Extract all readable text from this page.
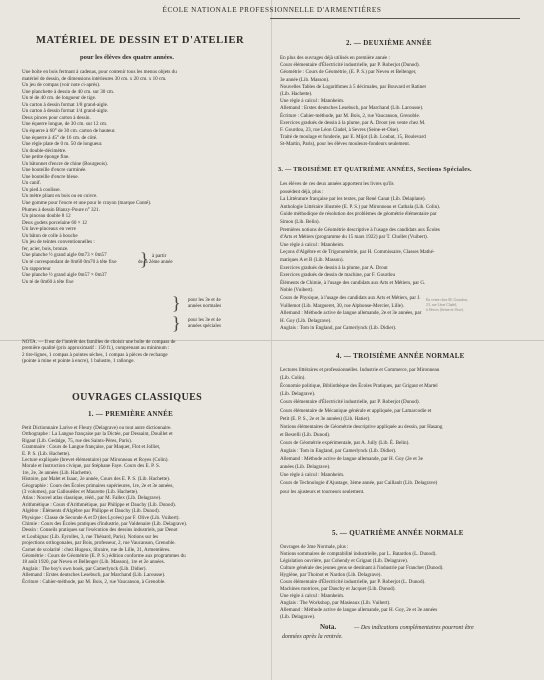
ÉCOLE NATIONALE PROFESSIONNELLE D'ARMENTIÈRES
MATÉRIEL DE DESSIN ET D'ATELIER
pour les élèves des quatre années.
Une boîte en bois fermant à cadenas, pour contenir tous les menus objets du
matériel de dessin, de dimensions intérieures 30 cm. x 20 cm. x 10 cm.
Un jeu de compas (voir note ci-après).
Une planchette à dessin de 40 cm. sur 30 cm.
Un té de 40 cm. de longueur de tige.
Un carton à dessin format 1/8 grand-aigle.
Un carton à dessin format 1/4 grand-aigle.
Deux pinces pour carton à dessin.
Une équerre longue, de 30 cm. sur 12 cm.
Un équerre à 60° de 30 cm. carton de hauteur.
Une équerre à 45° de 16 cm. de côté.
Une règle plate de 0 m. 50 de longueur.
Un double-décimètre.
Une petite éponge fine.
Un bâtonnet d'encre de chine (Bourgeois).
Une bouteille d'encre carminée.
Une bouteille d'encre bleue.
Un canif.
Un pied à coulisse.
Un mètre pliant en bois ou en cuivre.
Une gomme pour l'encre et une pour le crayon (marque Conté).
Plumes à dessin Blanzy-Poure n° 321.
Un pinceau double 8 12
Deux godets porcelaine 60 × 12
Un lave-pinceaux en verre
Un bâton de colle à bouche
Un jeu de teintes conventionnelles :
fer, acier, bois, bronze.
Une planche ½ grand aigle 0m73 × 0m57
Un té correspondant de 0m60 0m70 à tête fixe
Un rapporteur
Une planche ½ grand aigle 0m57 × 0m37
Un té de 0m60 à tête fixe
} à partir
de la 2ème année
} pour les 3e et 4e
années normales
} pour les 3e et 4e
années spéciales
NOTA. — Il est de l'intérêt des familles de choisir une boîte de compass de
première qualité (prix approximatif : 150 fr.), comprenant au minimum :
2 tire-lignes, 1 compas à pointes sèches, 1 compas à pièces de rechange
(pointe à mine et pointe à encre), 1 balustre, 1 rallonge.
OUVRAGES CLASSIQUES
1. — PREMIÈRE ANNÉE
Petit Dictionnaire Larive et Fleury (Delagrave) ou tout autre dictionnaire.
Orthographe : La Langue française par la Dictée, par Dessaint, Douillet et
Rigaut (Lib. Gedalge, 75, rue des Saints-Pères, Paris).
Grammaire : Cours de Langue française, par Maquet, Flot et Jolliet,
E. P. S. (Lib. Hachette).
Lecture expliquée (brevet élémentaire) par Mironneau et Royes (Colin).
Morale et Instruction civique, par Stéphane Faye. Cours des E. P. S.
1re, 2e, 3e années (Lib. Hachette).
Histoire, par Malet et Isaac, 2e année, Cours des E. P. S. (Lib. Hachette).
Géographie : Cours des Écoles primaires supérieures, 1re, 2e et 3e années,
(3 volumes), par Gallouédec et Maurette (Lib. Hachette).
Atlas : Nouvel atlas classique, rééd., par M. Fallex (Lib. Delagrave).
Arithmétique : Cours d'Arithmétique, par Philippe et Dauchy (Lib. Dunod).
Algèbre : Éléments d'Algèbre par Philippe et Dauchy (Lib. Dunod).
Physique : Classe de Seconde A et D (des Lycées) par F. Olive (Lib. Vuibert).
Chimie : Cours des Écoles pratiques d'industrie, par Valdenaire (Lib. Delagrave).
Dessin : Conseils pratiques sur l'exécution des dessins industriels, par Denot
et Loubignac (Lib. Eyrolles, 3, rue Thénard, Paris). Notions sur les
projections orthogonales, par Bois, professeur, 2, rue Vaucanson, Grenoble.
Carnet de scolarité : chez Hugeux, libraire, rue de Lille, 31, Armentières.
Géométrie : Cours de Géométrie (E. P. S.) édition conforme aux programmes du
18 août 1920, par Neveu et Bellenger (Lib. Masson), 1re et 2e années.
Anglais : The boy's own book, par Camerlynck (Lib. Didier).
Allemand : Erstes deutsches Lesebuch, par Marchand (Lib. Larousse).
Écriture : Cahier-méthode, par M. Bois, 2, rue Vaucanson, à Grenoble.
2. — DEUXIÈME ANNÉE
En plus des ouvrages déjà utilisés en première année :
Cours élémentaire d'Électricité industrielle, par P. Roberjot (Dunod).
Géométrie : Cours de Géométrie, (E. P. S.) par Neveu et Bellenger,
3e année (Lib. Masson).
Nouvelles Tables de Logarithmes à 5 décimales, par Bouvard et Ratinet
(Lib. Hachette).
Une règle à calcul : Mannheim.
Allemand : Erstes deutsches Lesebuch, par Marchand (Lib. Larousse).
Écriture : Cahier-méthode, par M. Bois, 2, rue Vaucanson, Grenoble.
Exercices gradués de dessin à la plume, par A. Droot (en vente chez M.
F. Gourdou, 23, rue Léon Cladel, à Sevres (Seine-et-Oise).
Traité de moulage et fonderie, par E. Mijot (Lib. Loubat, 15, Boulevard
St-Martin, Paris), pour les élèves mouleurs-fondeurs seulement.
3. — TROISIÈME ET QUATRIÈME ANNÉES, Sections Spéciales.
Les élèves de ces deux années apportent les livres qu'ils
possèdent déjà, plus :
La Littérature française par les textes, par René Canat (Lib. Delaplane).
Anthologie Littéraire illustrée (E. P. S.) par Mironneau et Cathala (Lib. Colin).
Guide méthodique de résolution des problèmes de géométrie élémentaire par
Simon (Lib. Belin).
Premières notions de Géométrie descriptive à l'usage des candidats aux Écoles
d'Arts et Métiers (programme du 15 mars 1922) par T. Chollet (Vuibert).
Une règle à calcul : Mannheim.
Leçons d'Algèbre et de Trigonométrie, par H. Commissaire, Classes Mathé-
matiques A et B (Lib. Masson).
Exercices gradués de dessin à la plume, par A. Drout
Exercices gradués de dessin de machine, par F. Gourdou
Éléments de Chimie, à l'usage des candidats aux Arts et Métiers, par G.
Noble (Vuibert).
Cours de Physique, à l'usage des candidats aux Arts et Métiers, par J.
Vuillemot (Lib. Margueret, 30, rue Alphonse-Mercier, Lille).
Allemand : Méthode active de langue allemande, 2e et 3e années, par
H. Goy (Lib. Delagrave).
Anglais : Tom in England, par Camerlynck (Lib. Didier).
En vente chez M. Gourdou,
23, rue Léon Cladel,
à Sèvres (Seine-et-Oise).
4. — TROISIÈME ANNÉE NORMALE
Lectures littéraires et professionnelles. Industrie et Commerce, par Mironneau
(Lib. Colin).
Économie politique, Bibliothèque des Écoles Pratiques, par Grigaut et Martel
(Lib. Delagrave).
Cours élémentaire d'Électricité industrielle, par P. Roberjot (Dunod).
Cours élémentaire de Mécanique générale et appliquée, par Lamarcodie et
Petit (E. P. S., 2e et 3e années) (Lib. Hatier).
Notions élémentaires de Géométrie descriptive appliquée au dessin, par Hasang
et Besrelli (Lib. Dunod).
Cours de Géométrie expérimentale, par A. Jully (Lib. É. Belin).
Anglais : Tom in England, par Camerlynck (Lib. Didier).
Allemand : Méthode active de langue allemande, par H. Goy (2e et 3e
années (Lib. Delagrave).
Une règle à calcul : Mannheim.
Cours de Technologie d'Ajustage, 3ème année, par Caillault (Lib. Delagrave)
pour les ajusteurs et tourneurs seulement.
5. — QUATRIÈME ANNÉE NORMALE
Ouvrages de 3me Normale, plus :
Notions sommaires de comptabilité industrielle, par L. Batardon (L. Dunod).
Législation ouvrière, par Cohendy et Grigaut (Lib. Delagrave).
Culture générale des jeunes gens se destinant à l'industrie par Franchet (Dunod).
Hygiène, par Thoinot et Nardon (Lib. Delagrave).
Cours élémentaire d'Électricité industrielle, par P. Roberjot (L. Dunod).
Machines motrices, par Dauchy et Jacquet (Lib. Dunod).
Une règle à calcul : Mannheim.
Anglais : The Workshop, par Masieaux (Lib. Vuibert).
Allemand : Méthode active de langue allemande, par H. Goy, 2e et 3e années
(Lib. Delagrave).
Nota.	— Des indications complémentaires pourront être
données après la rentrée.
